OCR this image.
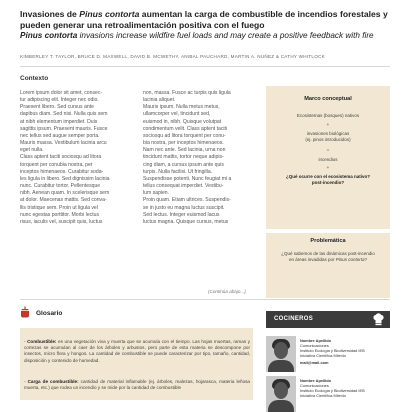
Invasiones de Pinus contorta aumentan la carga de combustible de incendios forestales y pueden generar una retroalimentación positiva con el fuego
Pinus contorta invasions increase wildfire fuel loads and may create a positive feedback with fire
KIMBERLEY T. TAYLOR, BRUCE D. MAXWELL, DAVID B. MCWETHY, ANIBAL PAUCHARD, MARTIN A. NUÑEZ & CATHY WHITLOCK
Contexto
Lorem ipsum dolor sit amet, consec-
tur adipiscing elit. Integer nec odio.
Praesent libero. Sed cursus ante
dapibus diam. Sed nisi. Nulla quis sem
at nibh elementum imperdiet. Duis
sagittis ipsum. Praesent mauris. Fusce
nec tellus sed augue semper porta.
Mauris massa. Vestibulum lacinia arcu
eget nulla.
Class aptent taciti sociosqu ad litora
torquent per conubia nostra, per
inceptos himenaeos. Curabitur soda-
les ligula in libero. Sed dignissim lacinia
nunc. Curabitur tortor. Pellentesque
nibh. Aenean quam. In scelerisque sem
at dolor. Maecenas mattis. Sed conva-
llis tristique sem. Proin ut ligula vel
nunc egestas porttitor. Morbi lectus
risus, iaculis vel, suscipit quis, luctus
non, massa. Fusce ac turpis quis ligula
lacinia aliquet.
Mauris ipsum. Nulla metus metus,
ullamcorper vel, tincidunt sed,
euismod in, nibh. Quisque volutpat
condimentum velit. Class aptent taciti
sociosqu ad litora torquent per conu-
bia nostra, per inceptos himenaeos.
Nam nec ante. Sed lacinia, urna non
tincidunt mattis, tortor neque adipis-
cing diam, a cursus ipsum ante quis
turpis. Nulla facilisi. Ut fringilla.
Suspendisse potenti. Nunc feugiat mi a
tellus consequat imperdiet. Vestibu-
lum sapien.
Proin quam. Etiam ultrices. Suspendis-
se in justo eu magna luctus suscipit.
Sed lectus. Integer euismod lacus
luctus magna. Quisque cursus, metus
(Continúa abajo...)
Marco conceptual
Ecosistemas (bosques) nativos
+
invasiones biológicas
(ej. pinos introducidos)
=
incendios
+
¿Qué ocurre con el ecosistema nativo? post-incendio?
Problemática
¿Qué sabemos de las dinámicas post-incendio en áreas invadidas por Pinus contorta?
Glosario
- Combustible: es una vegetación viva y muerta que se acumula con el tiempo. Las hojas muertas, ramas y cortezas se acumulan al caer de los árboles y arbustos, pero parte de esta materia se descompone por insectos, micro flora y hongos. La cantidad de combustible se puede caracterizar por tipo, tamaño, cantidad, disposición y contenido de humedad.
- Carga de combustible: cantidad de material inflamable (ej. árboles, malezas, hojarasca, materia leñosa muerta, etc.) que rodea un incendio y se mide por la cantidad de combustible
COCINEROS
Nombre Apellido
Comunicaciones
Instituto Ecología y Biodiversidad IEB
Iniciativa Científica Milenio
mail@mail.com
Nombre Apellido
Comunicaciones
Instituto Ecología y Biodiversidad IEB
Iniciativa Científica Milenio
